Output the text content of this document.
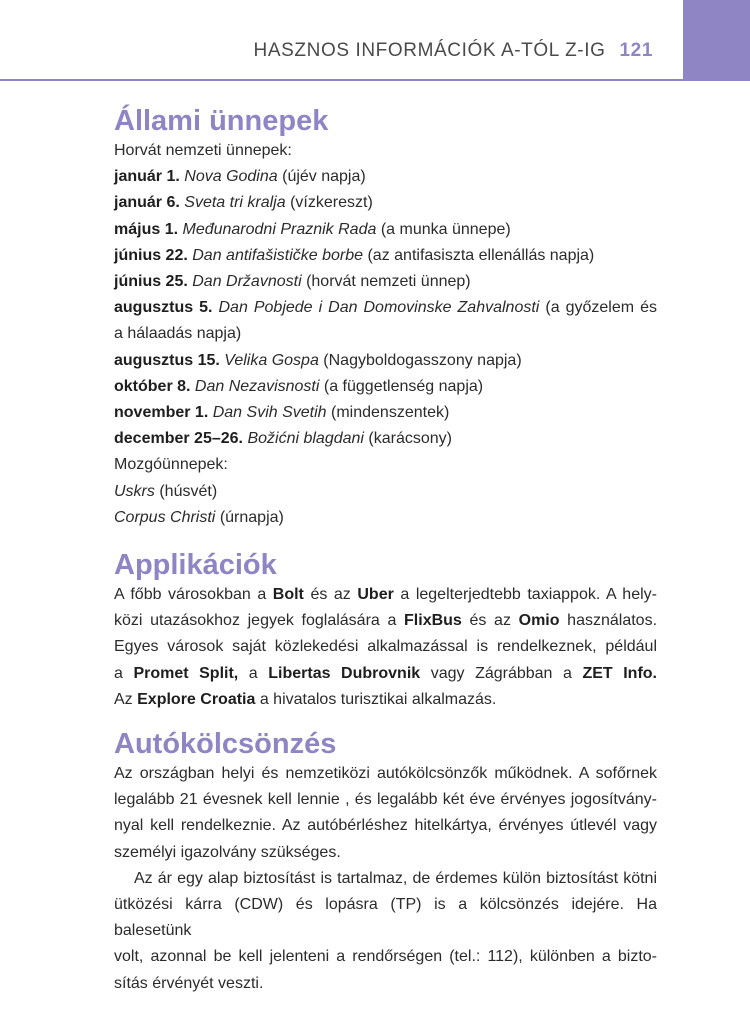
HASZNOS INFORMÁCIÓK A-TÓL Z-IG 121
Állami ünnepek
Horvát nemzeti ünnepek:
január 1. Nova Godina (újév napja)
január 6. Sveta tri kralja (vízkereszt)
május 1. Međunarodni Praznik Rada (a munka ünnepe)
június 22. Dan antifašističke borbe (az antifasiszta ellenállás napja)
június 25. Dan Državnosti (horvát nemzeti ünnep)
augusztus 5. Dan Pobjede i Dan Domovinske Zahvalnosti (a győzelem és
a hálaadás napja)
augusztus 15. Velika Gospa (Nagyboldogasszony napja)
október 8. Dan Nezavisnosti (a függetlenség napja)
november 1. Dan Svih Svetih (mindenszentek)
december 25–26. Božićni blagdani (karácsony)
Mozgóünnepek:
Uskrs (húsvét)
Corpus Christi (úrnapja)
Applikációk
A főbb városokban a Bolt és az Uber a legelterjedtebb taxiappok. A hely-
közi utazásokhoz jegyek foglalására a FlixBus és az Omio használatos.
Egyes városok saját közlekedési alkalmazással is rendelkeznek, például
a Promet Split, a Libertas Dubrovnik vagy Zágrábban a ZET Info.
Az Explore Croatia a hivatalos turisztikai alkalmazás.
Autókölcsönzés
Az országban helyi és nemzetiközi autókölcsönzők működnek. A sofőrnek
legalább 21 évesnek kell lennie , és legalább két éve érvényes jogosítvány-
nyal kell rendelkeznie. Az autóbérléshez hitelkártya, érvényes útlevél vagy
személyi igazolvány szükséges.
Az ár egy alap biztosítást is tartalmaz, de érdemes külön biztosítást kötni
ütközési kárra (CDW) és lopásra (TP) is a kölcsönzés idejére. Ha balesetünk
volt, azonnal be kell jelenteni a rendőrségen (tel.: 112), különben a bizto-
sítás érvényét veszti.
